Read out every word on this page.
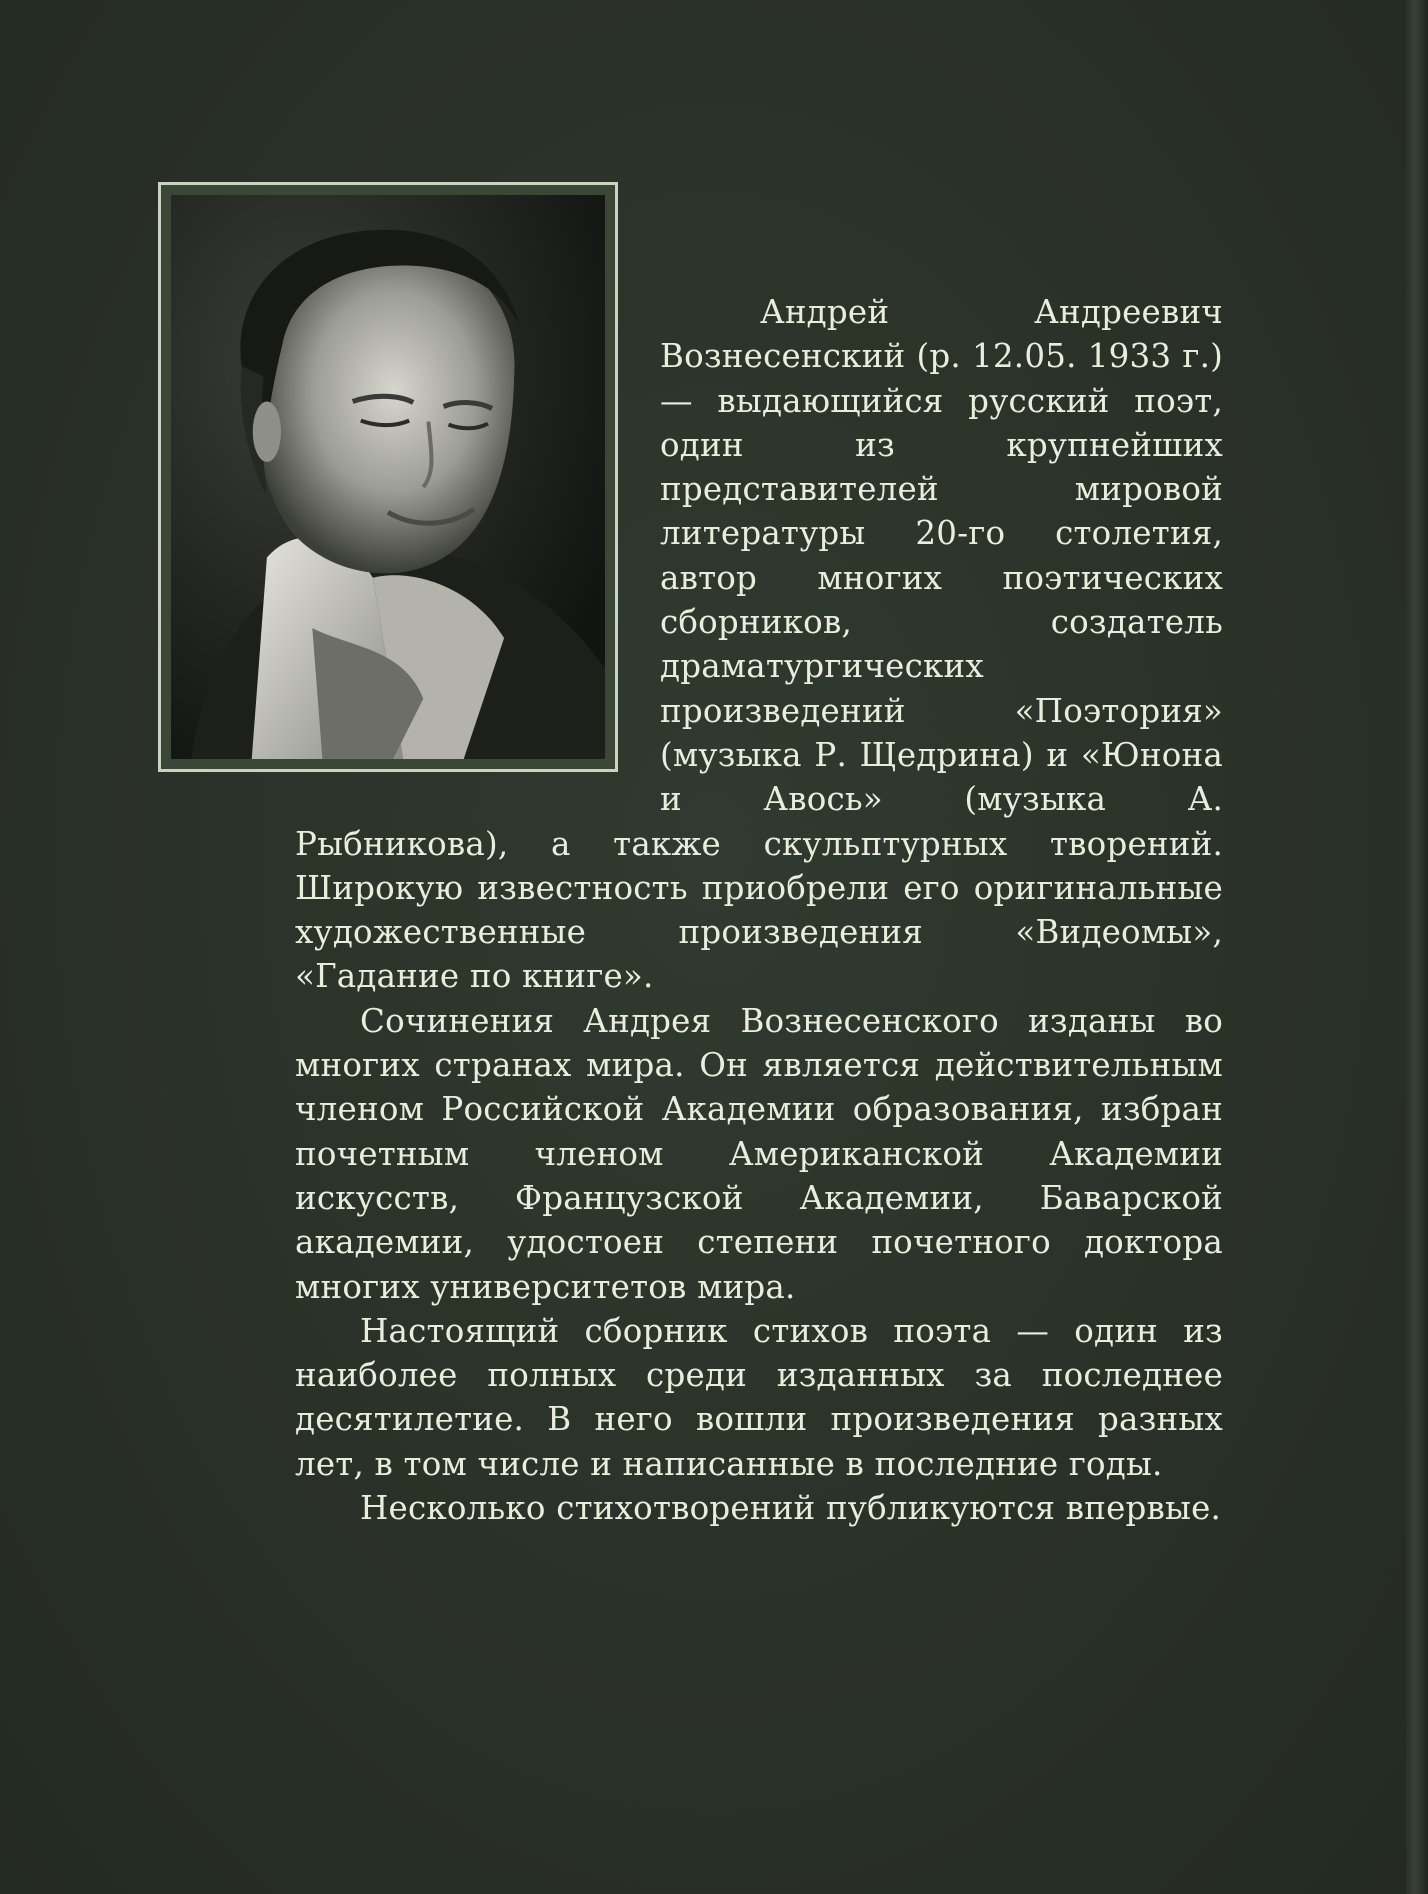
Андрей Андреевич Вознесенский (р. 12.05. 1933 г.) — выдающийся русский поэт, один из крупнейших представителей мировой литературы 20-го столетия, автор многих поэтических сборников, создатель драматургических произведений «Поэтория» (музыка Р. Щедрина) и «Юнона и Авось» (музыка А. Рыбникова), а также скульптурных творений. Широкую известность приобрели его оригинальные художественные произведения «Видеомы», «Гадание по книге».

Сочинения Андрея Вознесенского изданы во многих странах мира. Он является действительным членом Российской Академии образования, избран почетным членом Американской Академии искусств, Французской Академии, Баварской академии, удостоен степени почетного доктора многих университетов мира.

Настоящий сборник стихов поэта — один из наиболее полных среди изданных за последнее десятилетие. В него вошли произведения разных лет, в том числе и написанные в последние годы.

Несколько стихотворений публикуются впервые.
